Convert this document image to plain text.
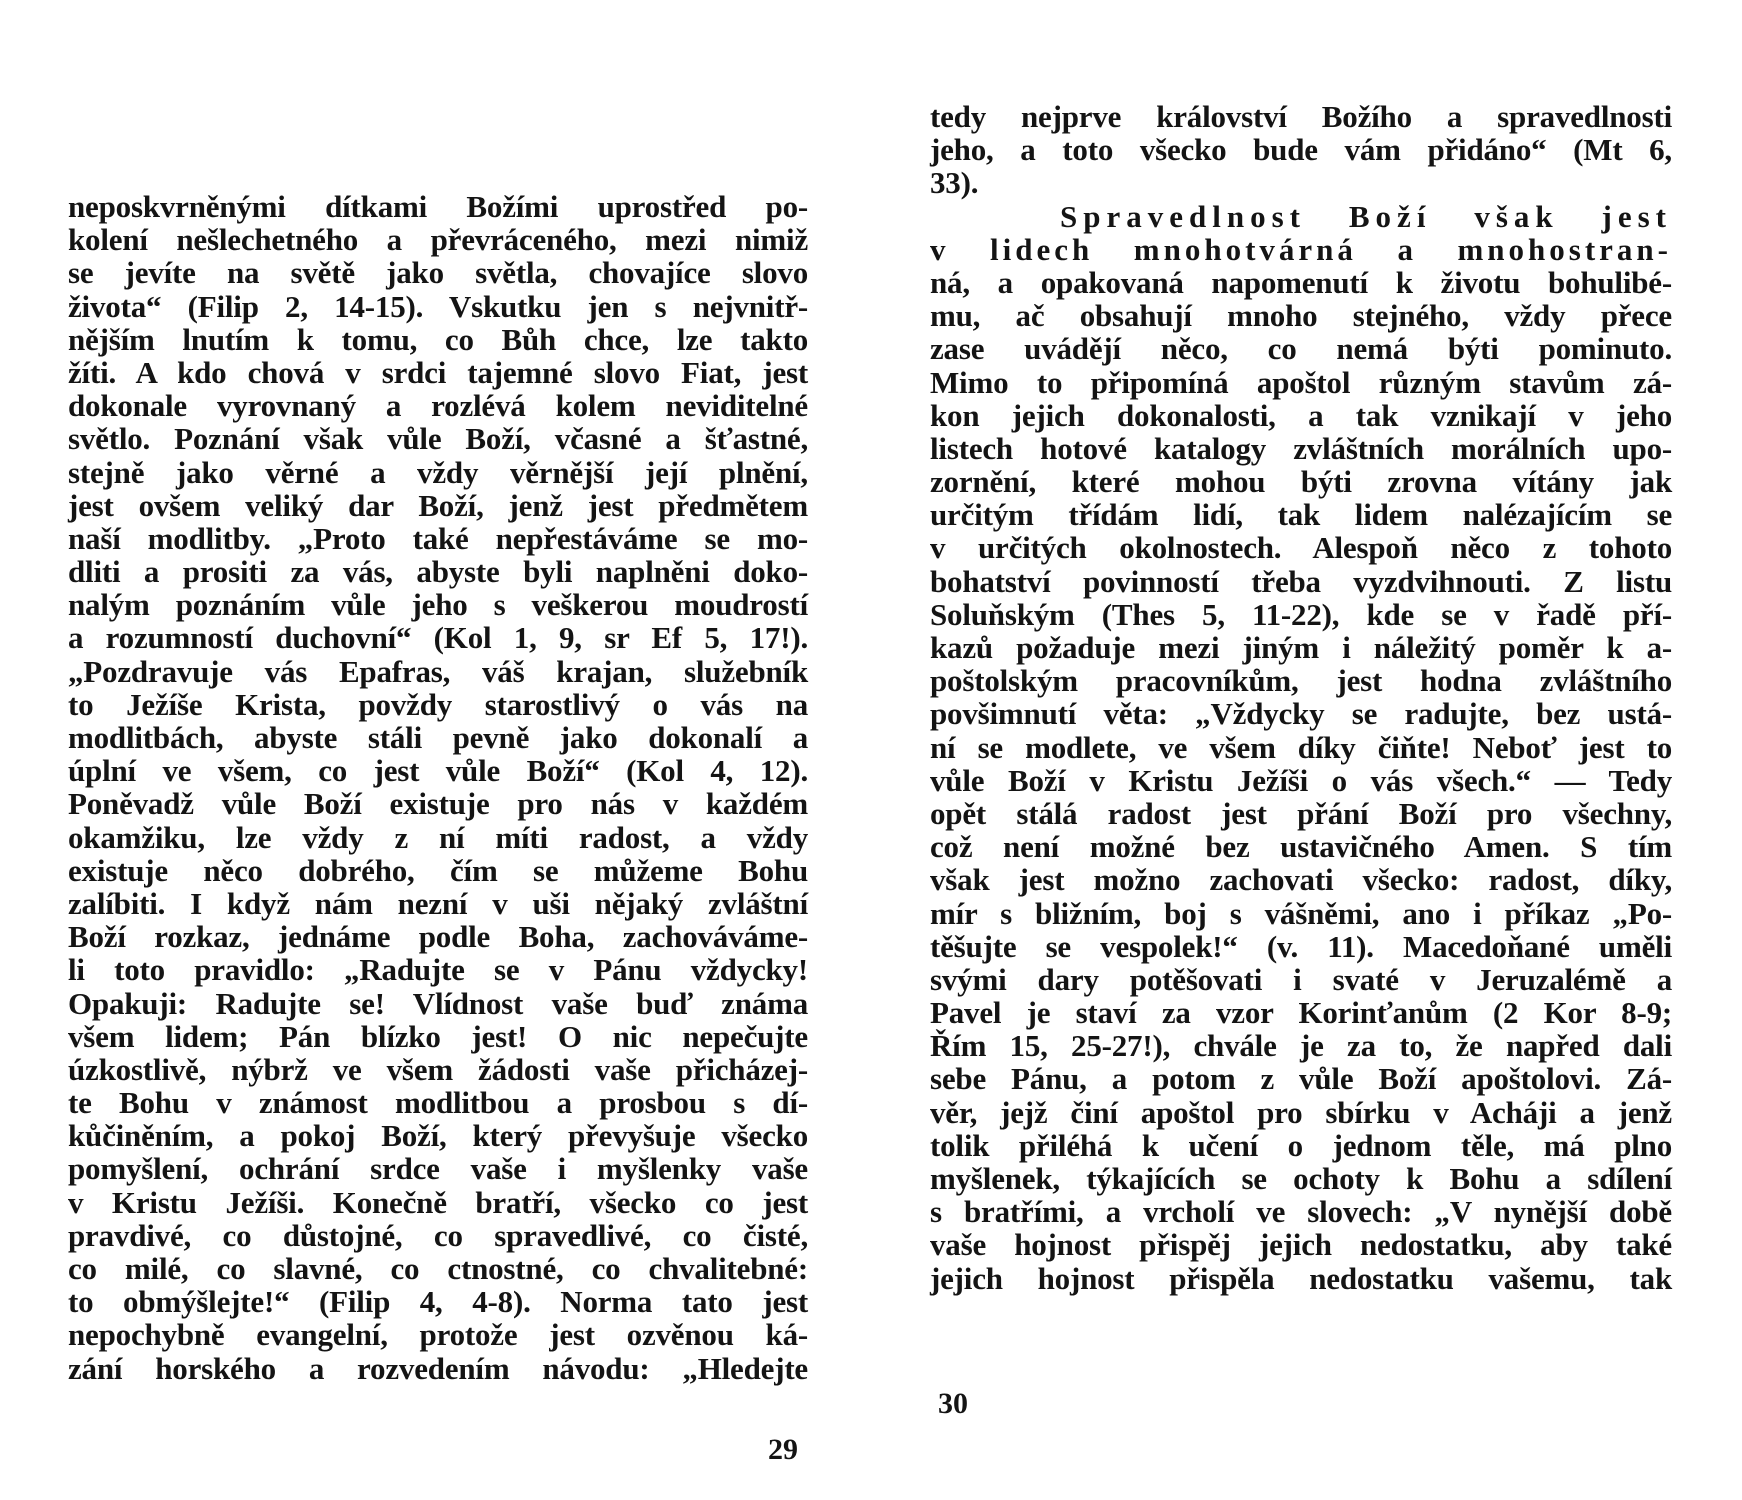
neposkvrněnými dítkami Božími uprostřed po-
kolení nešlechetného a převráceného, mezi nimiž
se jevíte na světě jako světla, chovajíce slovo
života“ (Filip 2, 14-15). Vskutku jen s nejvnitř-
nějším lnutím k tomu, co Bůh chce, lze takto
žíti. A kdo chová v srdci tajemné slovo Fiat, jest
dokonale vyrovnaný a rozlévá kolem neviditelné
světlo. Poznání však vůle Boží, včasné a šťastné,
stejně jako věrné a vždy věrnější její plnění,
jest ovšem veliký dar Boží, jenž jest předmětem
naší modlitby. „Proto také nepřestáváme se mo-
dliti a prositi za vás, abyste byli naplněni doko-
nalým poznáním vůle jeho s veškerou moudrostí
a rozumností duchovní“ (Kol 1, 9, sr Ef 5, 17!).
„Pozdravuje vás Epafras, váš krajan, služebník
to Ježíše Krista, povždy starostlivý o vás na
modlitbách, abyste stáli pevně jako dokonalí a
úplní ve všem, co jest vůle Boží“ (Kol 4, 12).
Poněvadž vůle Boží existuje pro nás v každém
okamžiku, lze vždy z ní míti radost, a vždy
existuje něco dobrého, čím se můžeme Bohu
zalíbiti. I když nám nezní v uši nějaký zvláštní
Boží rozkaz, jednáme podle Boha, zachováváme-
li toto pravidlo: „Radujte se v Pánu vždycky!
Opakuji: Radujte se! Vlídnost vaše buď známa
všem lidem; Pán blízko jest! O nic nepečujte
úzkostlivě, nýbrž ve všem žádosti vaše přicházej-
te Bohu v známost modlitbou a prosbou s dí-
kůčiněním, a pokoj Boží, který převyšuje všecko
pomyšlení, ochrání srdce vaše i myšlenky vaše
v Kristu Ježíši. Konečně bratří, všecko co jest
pravdivé, co důstojné, co spravedlivé, co čisté,
co milé, co slavné, co ctnostné, co chvalitebné:
to obmýšlejte!“ (Filip 4, 4-8). Norma tato jest
nepochybně evangelní, protože jest ozvěnou ká-
zání horského a rozvedením návodu: „Hledejte
29
tedy nejprve království Božího a spravedlnosti
jeho, a toto všecko bude vám přidáno“ (Mt 6,
33).
Spravedlnost Boží však jest
v lidech mnohotvárná a mnohostran-
ná, a opakovaná napomenutí k životu bohulibé-
mu, ač obsahují mnoho stejného, vždy přece
zase uvádějí něco, co nemá býti pominuto.
Mimo to připomíná apoštol různým stavům zá-
kon jejich dokonalosti, a tak vznikají v jeho
listech hotové katalogy zvláštních morálních upo-
zornění, které mohou býti zrovna vítány jak
určitým třídám lidí, tak lidem nalézajícím se
v určitých okolnostech. Alespoň něco z tohoto
bohatství povinností třeba vyzdvihnouti. Z listu
Soluňským (Thes 5, 11-22), kde se v řadě pří-
kazů požaduje mezi jiným i náležitý poměr k a-
poštolským pracovníkům, jest hodna zvláštního
povšimnutí věta: „Vždycky se radujte, bez ustá-
ní se modlete, ve všem díky čiňte! Neboť jest to
vůle Boží v Kristu Ježíši o vás všech.“ — Tedy
opět stálá radost jest přání Boží pro všechny,
což není možné bez ustavičného Amen. S tím
však jest možno zachovati všecko: radost, díky,
mír s bližním, boj s vášněmi, ano i příkaz „Po-
těšujte se vespolek!“ (v. 11). Macedoňané uměli
svými dary potěšovati i svaté v Jeruzalémě a
Pavel je staví za vzor Korinťanům (2 Kor 8-9;
Řím 15, 25-27!), chvále je za to, že napřed dali
sebe Pánu, a potom z vůle Boží apoštolovi. Zá-
věr, jejž činí apoštol pro sbírku v Acháji a jenž
tolik přiléhá k učení o jednom těle, má plno
myšlenek, týkajících se ochoty k Bohu a sdílení
s bratřími, a vrcholí ve slovech: „V nynější době
vaše hojnost přispěj jejich nedostatku, aby také
jejich hojnost přispěla nedostatku vašemu, tak
30
